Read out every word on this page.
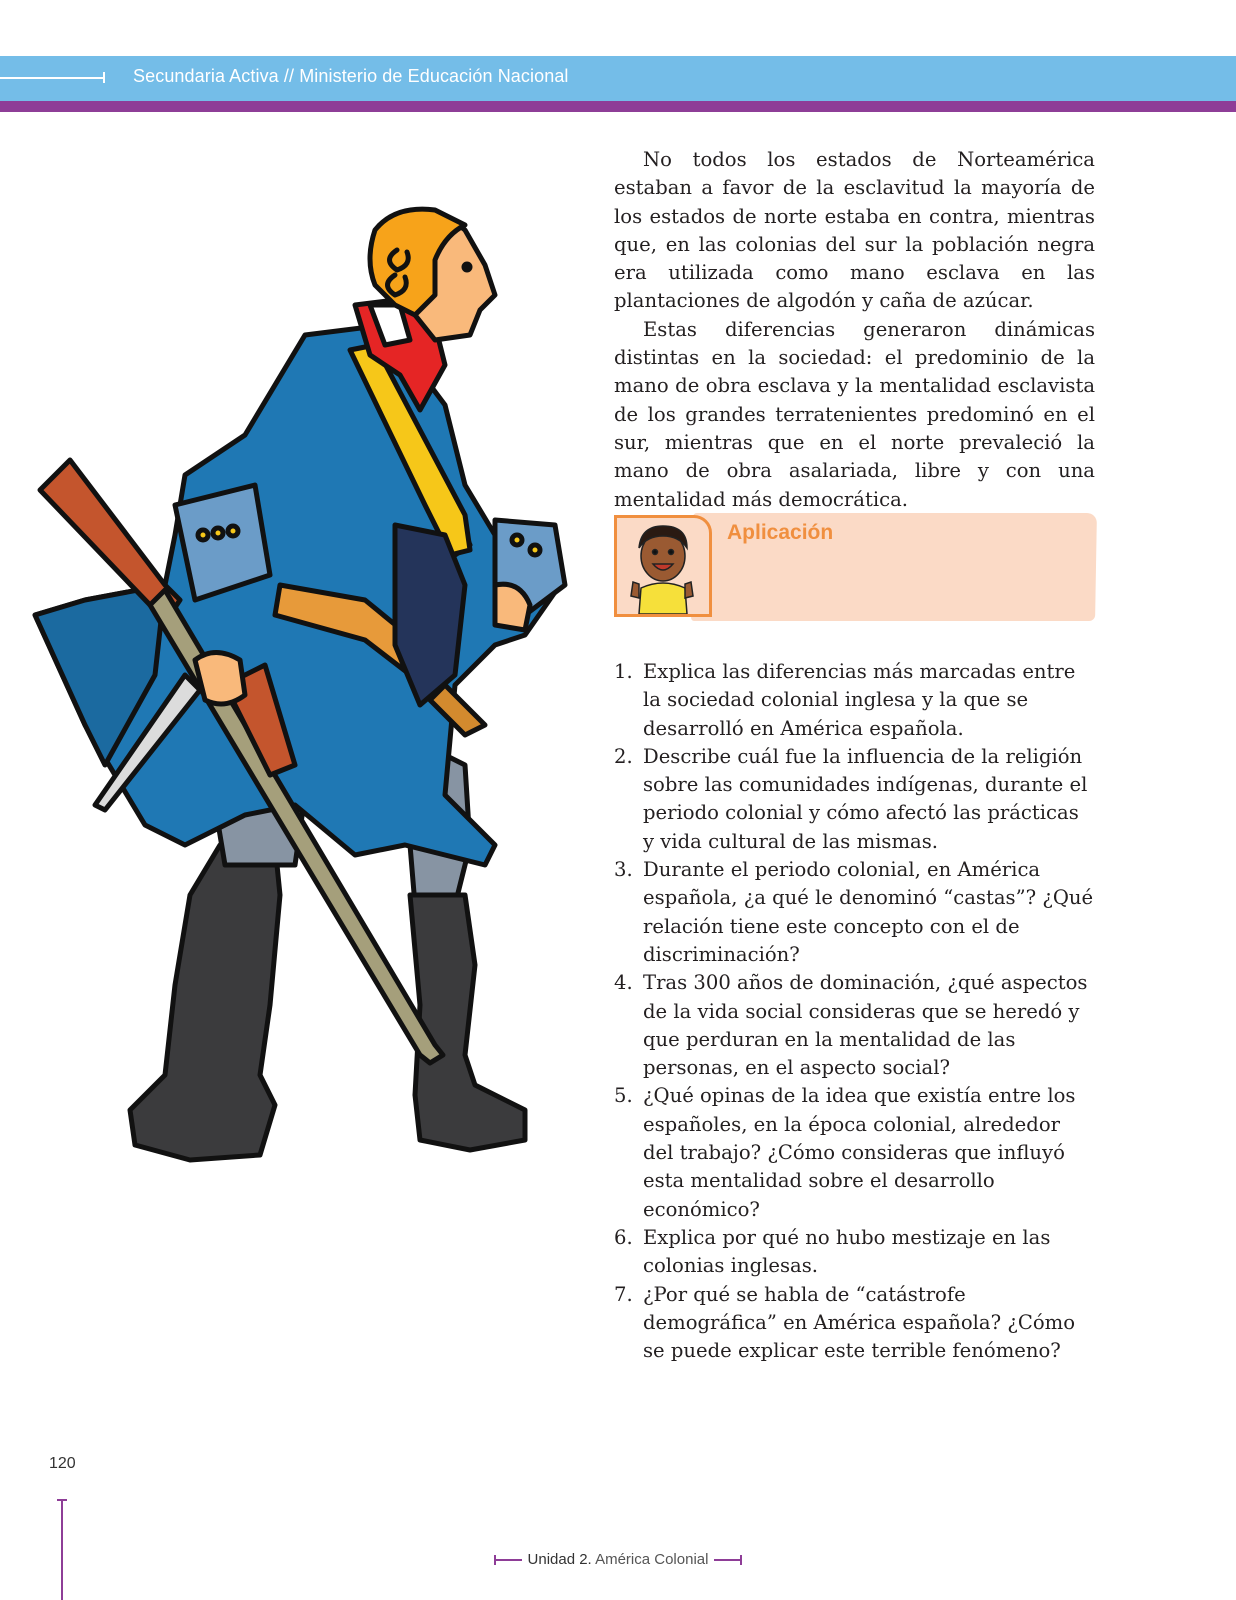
Secundaria Activa // Ministerio de Educación Nacional

No todos los estados de Norteamérica estaban a favor de la esclavitud la mayoría de los estados de norte estaba en contra, mientras que, en las colonias del sur la población negra era utilizada como mano esclava en las plantaciones de algodón y caña de azúcar.

Estas diferencias generaron dinámicas distintas en la sociedad: el predominio de la mano de obra esclava y la mentalidad esclavista de los grandes terratenientes predominó en el sur, mientras que en el norte prevaleció la mano de obra asalariada, libre y con una mentalidad más democrática.

Aplicación
1. Explica las diferencias más marcadas entre la sociedad colonial inglesa y la que se desarrolló en América española.
2. Describe cuál fue la influencia de la religión sobre las comunidades indígenas, durante el periodo colonial y cómo afectó las prácticas y vida cultural de las mismas.
3. Durante el periodo colonial, en América española, ¿a qué le denominó “castas”? ¿Qué relación tiene este concepto con el de discriminación?
4. Tras 300 años de dominación, ¿qué aspectos de la vida social consideras que se heredó y que perduran en la mentalidad de las personas, en el aspecto social?
5. ¿Qué opinas de la idea que existía entre los españoles, en la época colonial, alrededor del trabajo? ¿Cómo consideras que influyó esta mentalidad sobre el desarrollo económico?
6. Explica por qué no hubo mestizaje en las colonias inglesas.
7. ¿Por qué se habla de “catástrofe demográfica” en América española? ¿Cómo se puede explicar este terrible fenómeno?
120
Unidad 2. América Colonial
